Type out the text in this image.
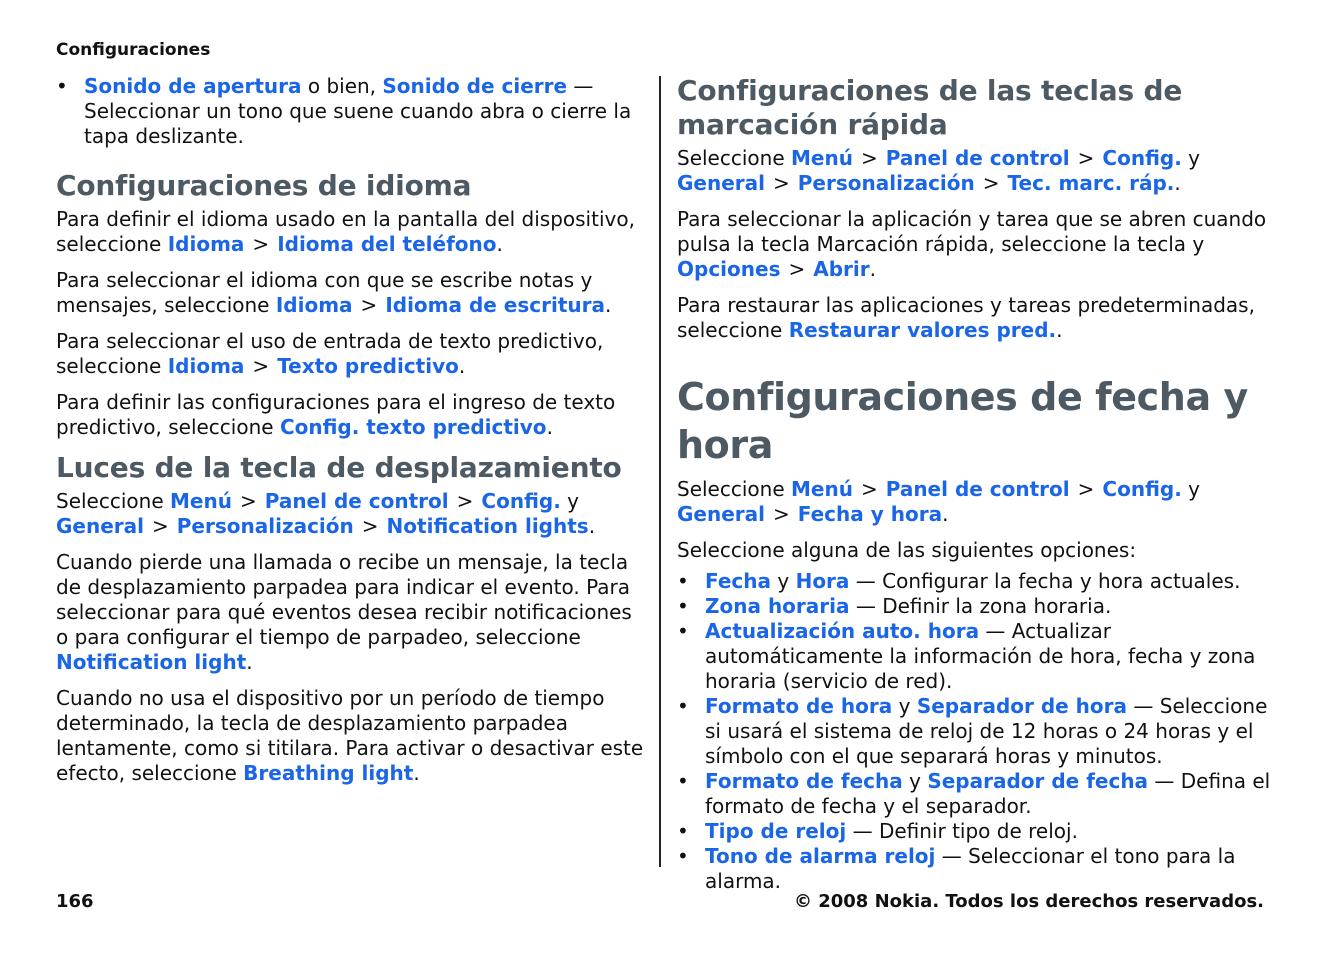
Configuraciones
• Sonido de apertura o bien, Sonido de cierre — Seleccionar un tono que suene cuando abra o cierre la tapa deslizante.
Configuraciones de idioma

Para definir el idioma usado en la pantalla del dispositivo, seleccione Idioma > Idioma del teléfono.

Para seleccionar el idioma con que se escribe notas y mensajes, seleccione Idioma > Idioma de escritura.

Para seleccionar el uso de entrada de texto predictivo, seleccione Idioma > Texto predictivo.

Para definir las configuraciones para el ingreso de texto predictivo, seleccione Config. texto predictivo.

Luces de la tecla de desplazamiento

Seleccione Menú > Panel de control > Config. y General > Personalización > Notification lights.

Cuando pierde una llamada o recibe un mensaje, la tecla de desplazamiento parpadea para indicar el evento. Para seleccionar para qué eventos desea recibir notificaciones o para configurar el tiempo de parpadeo, seleccione Notification light.

Cuando no usa el dispositivo por un período de tiempo determinado, la tecla de desplazamiento parpadea lentamente, como si titilara. Para activar o desactivar este efecto, seleccione Breathing light.

Configuraciones de las teclas de marcación rápida

Seleccione Menú > Panel de control > Config. y General > Personalización > Tec. marc. ráp..

Para seleccionar la aplicación y tarea que se abren cuando pulsa la tecla Marcación rápida, seleccione la tecla y Opciones > Abrir.

Para restaurar las aplicaciones y tareas predeterminadas, seleccione Restaurar valores pred..

Configuraciones de fecha y hora

Seleccione Menú > Panel de control > Config. y General > Fecha y hora.

Seleccione alguna de las siguientes opciones:

• Fecha y Hora — Configurar la fecha y hora actuales.
• Zona horaria — Definir la zona horaria.
• Actualización auto. hora — Actualizar automáticamente la información de hora, fecha y zona horaria (servicio de red).
• Formato de hora y Separador de hora — Seleccione si usará el sistema de reloj de 12 horas o 24 horas y el símbolo con el que separará horas y minutos.
• Formato de fecha y Separador de fecha — Defina el formato de fecha y el separador.
• Tipo de reloj — Definir tipo de reloj.
• Tono de alarma reloj — Seleccionar el tono para la alarma.
166	© 2008 Nokia. Todos los derechos reservados.
